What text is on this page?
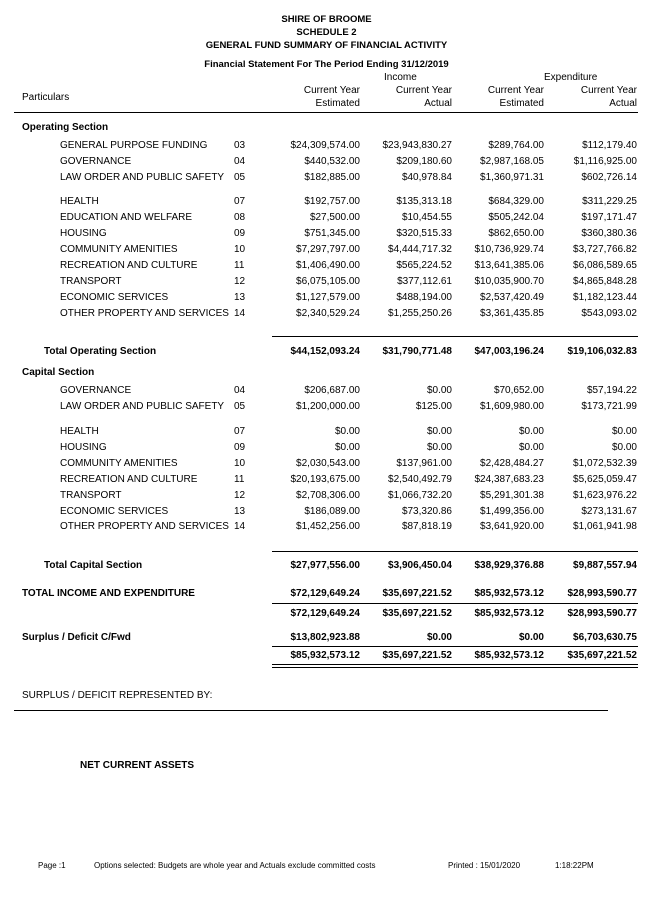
SHIRE OF BROOME
SCHEDULE 2
GENERAL FUND SUMMARY OF FINANCIAL ACTIVITY
Financial Statement For The Period Ending 31/12/2019
Income	Expenditure
Particulars
Current Year
Estimated
Current Year
Actual
Current Year
Estimated
Current Year
Actual
Operating Section
GENERAL PURPOSE FUNDING	03	$24,309,574.00	$23,943,830.27	$289,764.00	$112,179.40
GOVERNANCE	04	$440,532.00	$209,180.60	$2,987,168.05	$1,116,925.00
LAW ORDER AND PUBLIC SAFETY 05	$182,885.00	$40,978.84	$1,360,971.31	$602,726.14
HEALTH	07	$192,757.00	$135,313.18	$684,329.00	$311,229.25
EDUCATION AND WELFARE	08	$27,500.00	$10,454.55	$505,242.04	$197,171.47
HOUSING	09	$751,345.00	$320,515.33	$862,650.00	$360,380.36
COMMUNITY AMENITIES	10	$7,297,797.00	$4,444,717.32	$10,736,929.74	$3,727,766.82
RECREATION AND CULTURE	11	$1,406,490.00	$565,224.52	$13,641,385.06	$6,086,589.65
TRANSPORT	12	$6,075,105.00	$377,112.61	$10,035,900.70	$4,865,848.28
ECONOMIC SERVICES	13	$1,127,579.00	$488,194.00	$2,537,420.49	$1,182,123.44
OTHER PROPERTY AND SERVICES 14	$2,340,529.24	$1,255,250.26	$3,361,435.85	$543,093.02
Total Operating Section	$44,152,093.24	$31,790,771.48	$47,003,196.24	$19,106,032.83
Capital Section
GOVERNANCE	04	$206,687.00	$0.00	$70,652.00	$57,194.22
LAW ORDER AND PUBLIC SAFETY 05	$1,200,000.00	$125.00	$1,609,980.00	$173,721.99
HEALTH	07	$0.00	$0.00	$0.00	$0.00
HOUSING	09	$0.00	$0.00	$0.00	$0.00
COMMUNITY AMENITIES	10	$2,030,543.00	$137,961.00	$2,428,484.27	$1,072,532.39
RECREATION AND CULTURE	11	$20,193,675.00	$2,540,492.79	$24,387,683.23	$5,625,059.47
TRANSPORT	12	$2,708,306.00	$1,066,732.20	$5,291,301.38	$1,623,976.22
ECONOMIC SERVICES	13	$186,089.00	$73,320.86	$1,499,356.00	$273,131.67
OTHER PROPERTY AND SERVICES 14	$1,452,256.00	$87,818.19	$3,641,920.00	$1,061,941.98
Total Capital Section	$27,977,556.00	$3,906,450.04	$38,929,376.88	$9,887,557.94
TOTAL INCOME AND EXPENDITURE	$72,129,649.24	$35,697,221.52	$85,932,573.12	$28,993,590.77
$72,129,649.24	$35,697,221.52	$85,932,573.12	$28,993,590.77
Surplus / Deficit C/Fwd	$13,802,923.88	$0.00	$0.00	$6,703,630.75
$85,932,573.12	$35,697,221.52	$85,932,573.12	$35,697,221.52
SURPLUS / DEFICIT REPRESENTED BY:
NET CURRENT ASSETS
Page :1	Options selected: Budgets are whole year and Actuals exclude committed costs	Printed : 15/01/2020	1:18:22PM
